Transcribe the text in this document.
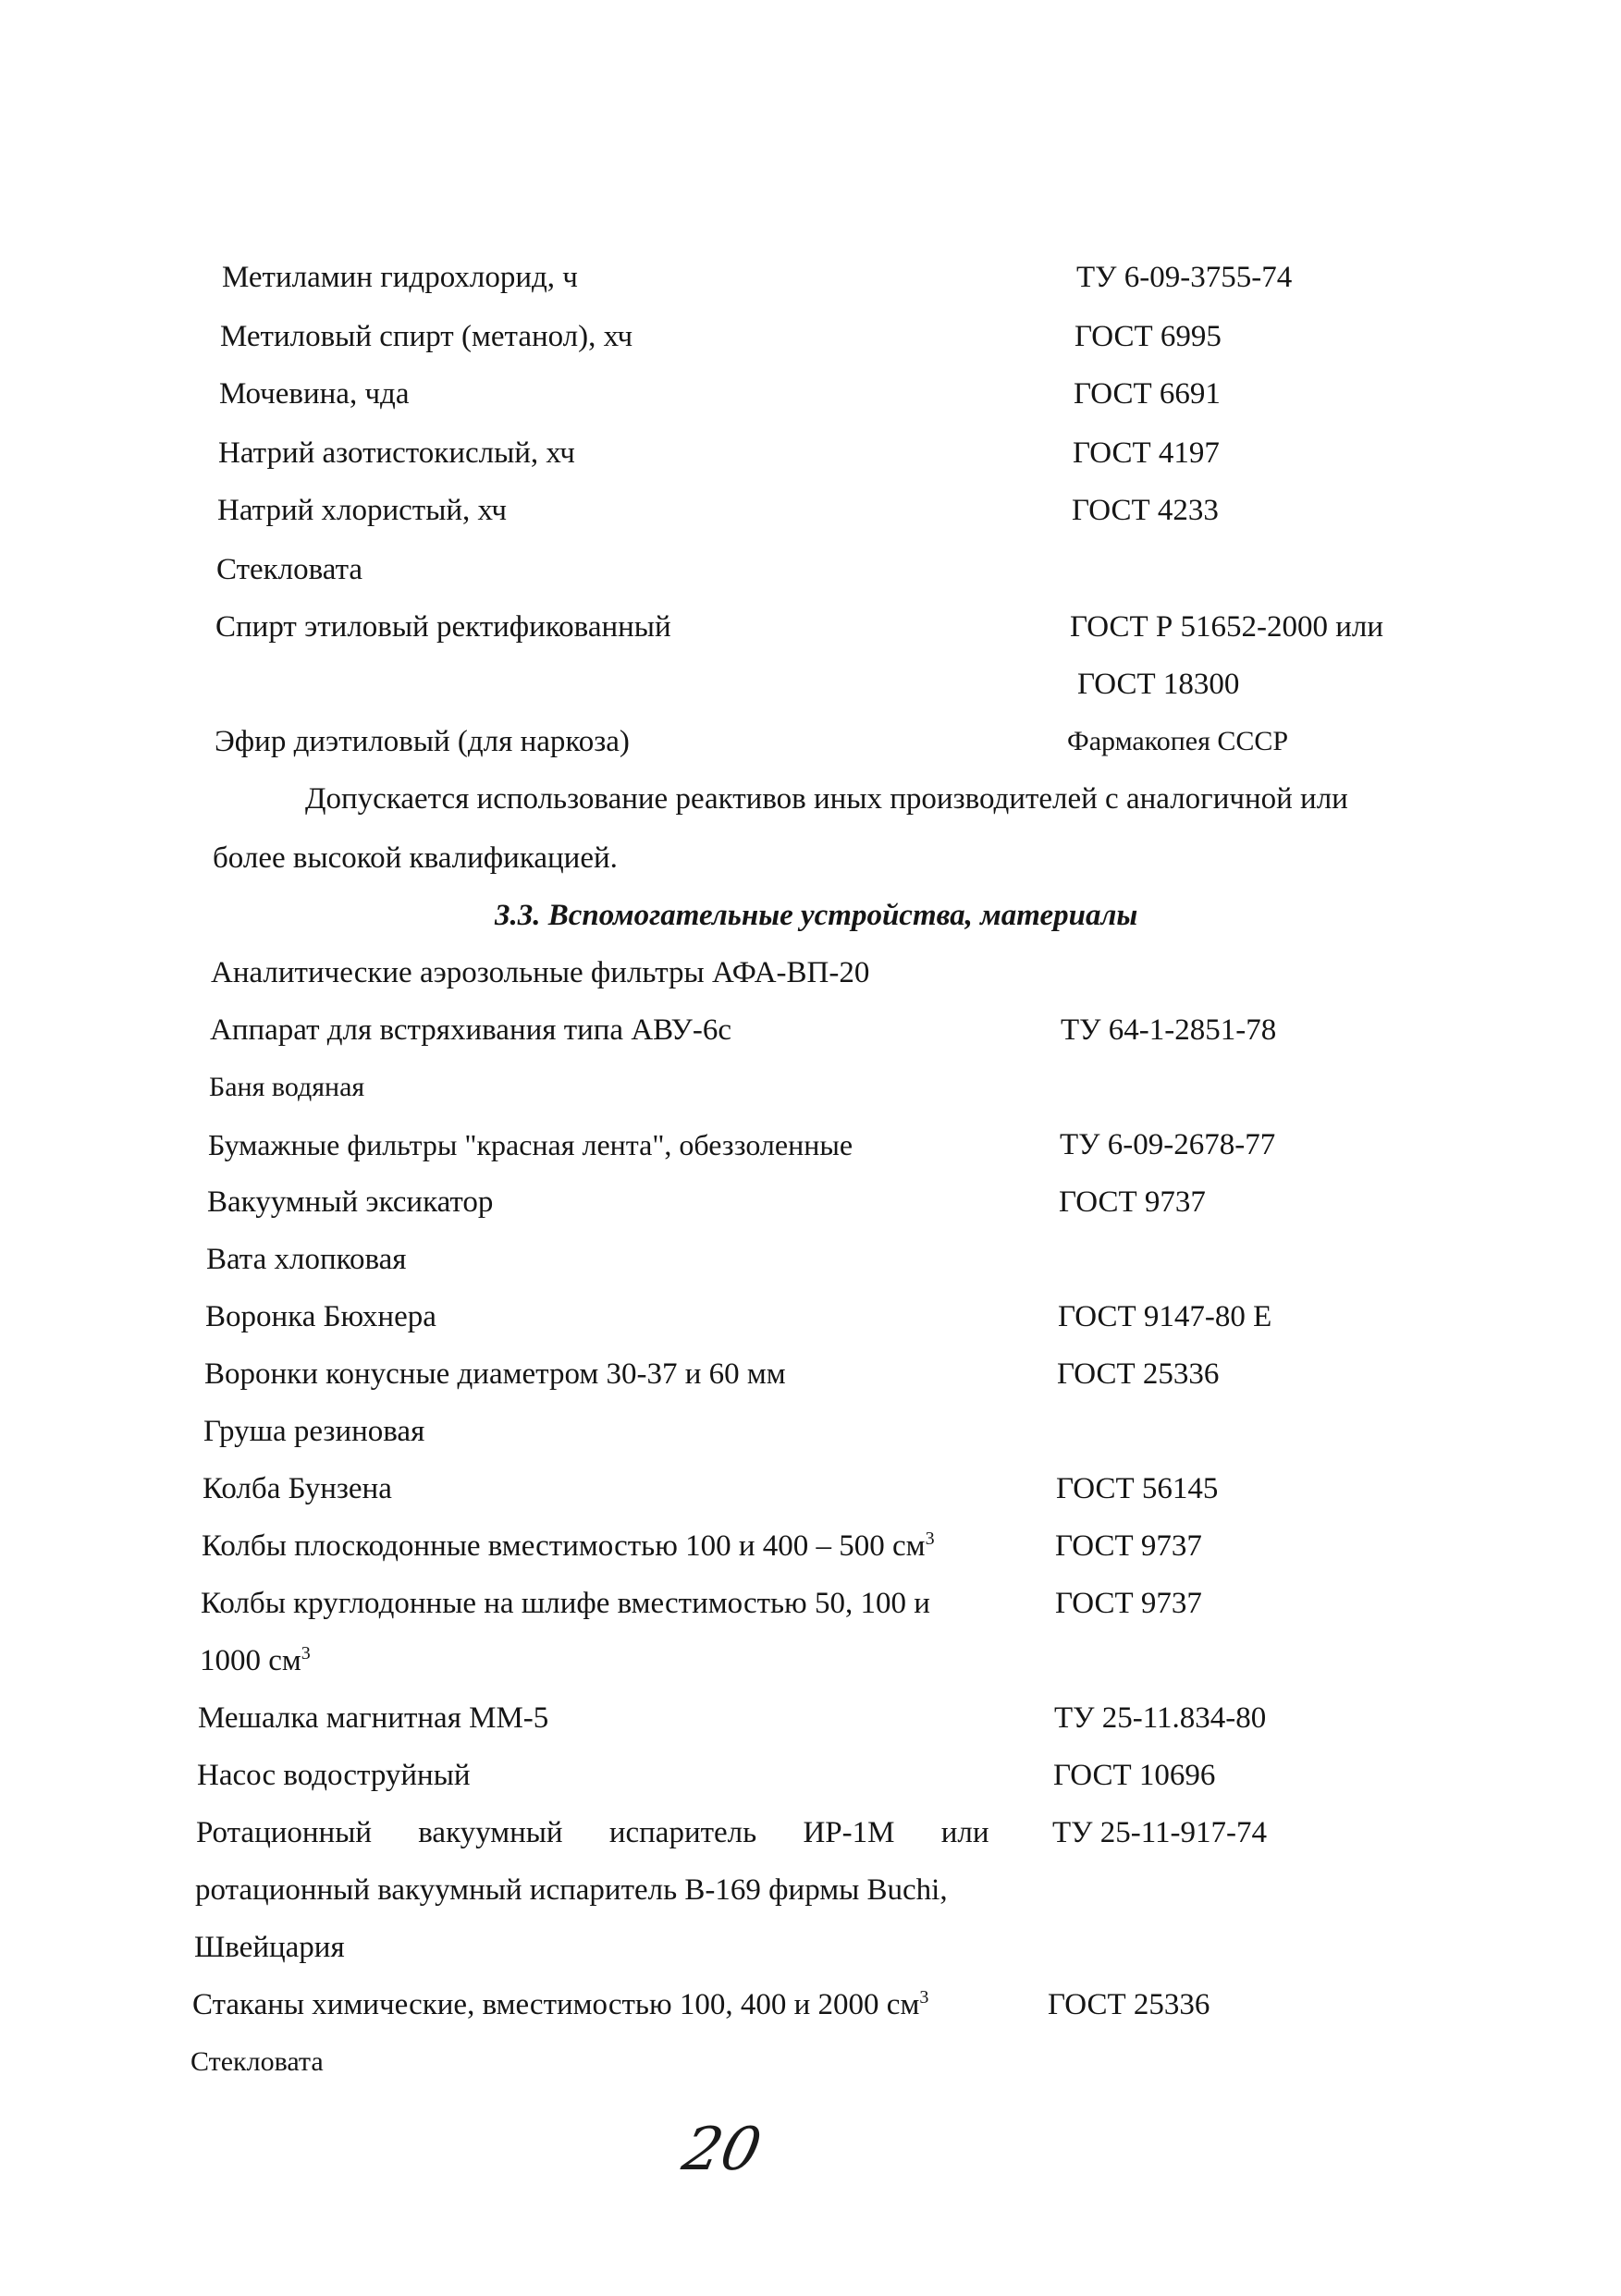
Метиламин гидрохлорид, ч	ТУ 6-09-3755-74
Метиловый спирт (метанол), хч	ГОСТ 6995
Мочевина, чда	ГОСТ 6691
Натрий азотистокислый, хч	ГОСТ 4197
Натрий хлористый, хч	ГОСТ 4233
Стекловата
Спирт этиловый ректификованный	ГОСТ Р 51652-2000 или
ГОСТ 18300
Эфир диэтиловый (для наркоза)	Фармакопея СССР
Допускается использование реактивов иных производителей с аналогичной или
более высокой квалификацией.
3.3. Вспомогательные устройства, материалы
Аналитические аэрозольные фильтры АФА-ВП-20
Аппарат для встряхивания типа АВУ-6с	ТУ 64-1-2851-78
Баня водяная
Бумажные фильтры "красная лента", обеззоленные	ТУ 6-09-2678-77
Вакуумный эксикатор	ГОСТ 9737
Вата хлопковая
Воронка Бюхнера	ГОСТ 9147-80 Е
Воронки конусные диаметром 30-37 и 60 мм	ГОСТ 25336
Груша резиновая
Колба Бунзена	ГОСТ 56145
Колбы плоскодонные вместимостью 100 и 400 – 500 $см^3$	ГОСТ 9737
Колбы круглодонные на шлифе вместимостью 50, 100 и	ГОСТ 9737
1000 $см^3$
Мешалка магнитная ММ-5	ТУ 25-11.834-80
Насос водоструйный	ГОСТ 10696
Ротационный вакуумный испаритель ИР-1М или	ТУ 25-11-917-74
ротационный вакуумный испаритель В-169 фирмы Buchi,
Швейцария
Стаканы химические, вместимостью 100, 400 и 2000 $см^3$	ГОСТ 25336
Стекловата
20
